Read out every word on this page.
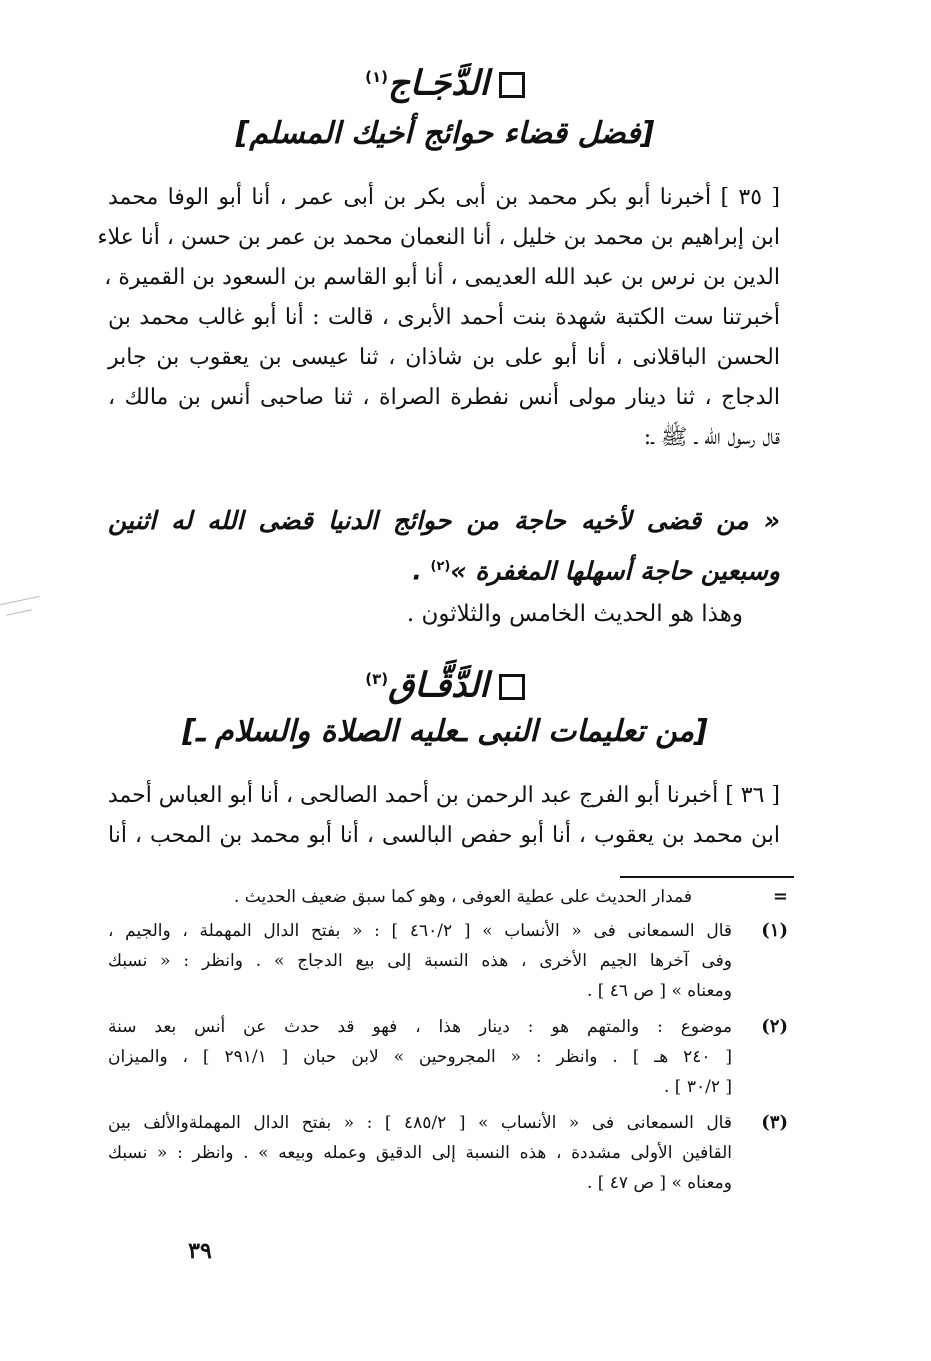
الدَّجَـاج$^{(١)}$
[فضل قضاء حوائج أخيك المسلم]
[ ٣٥ ] أخبرنا أبو بكر محمد بن أبى بكر بن أبى عمر ، أنا أبو الوفا محمد
ابن إبراهيم بن محمد بن خليل ، أنا النعمان محمد بن عمر بن حسن ، أنا علاء
الدين بن نرس بن عبد الله العديمى ، أنا أبو القاسم بن السعود بن القميرة ،
أخبرتنا ست الكتبة شهدة بنت أحمد الأبرى ، قالت : أنا أبو غالب محمد بن
الحسن الباقلانى ، أنا أبو على بن شاذان ، ثنا عيسى بن يعقوب بن جابر
الدجاج ، ثنا دينار مولى أنس نفطرة الصراة ، ثنا صاحبى أنس بن مالك ،
قال رسول الله ـ ﷺ ـ:
« من قضى لأخيه حاجة من حوائج الدنيا قضى الله له اثنين
وسبعين حاجة أسهلها المغفرة »$^{(٢)}$ .
وهذا هو الحديث الخامس والثلاثون .
الدَّقَّـاق$^{(٣)}$
[من تعليمات النبى ـعليه الصلاة والسلام ـ]
[ ٣٦ ] أخبرنا أبو الفرج عبد الرحمن بن أحمد الصالحى ، أنا أبو العباس أحمد
ابن محمد بن يعقوب ، أنا أبو حفص البالسى ، أنا أبو محمد بن المحب ، أنا
=
فمدار الحديث على عطية العوفى ، وهو كما سبق ضعيف الحديث .
(١)
قال السمعانى فى « الأنساب » [ ٤٦٠/٢ ] : « بفتح الدال المهملة ، والجيم ،
وفى آخرها الجيم الأخرى ، هذه النسبة إلى بيع الدجاج » . وانظر : « نسبك
ومعناه » [ ص ٤٦ ] .
(٢)
موضوع : والمتهم هو : دينار هذا ، فهو قد حدث عن أنس بعد سنة
[ ٢٤٠ هـ ] . وانظر : « المجروحين » لابن حبان [ ٢٩١/١ ] ، والميزان
[ ٣٠/٢ ] .
(٣)
قال السمعانى فى « الأنساب » [ ٤٨٥/٢ ] : « بفتح الدال المهملةوالألف بين
القافين الأولى مشددة ، هذه النسبة إلى الدقيق وعمله وبيعه » . وانظر : « نسبك
ومعناه » [ ص ٤٧ ] .
٣٩
